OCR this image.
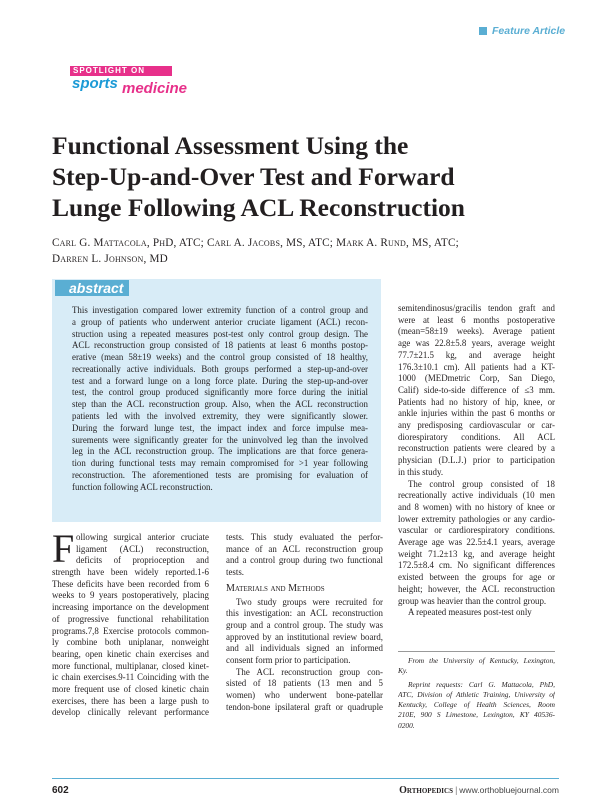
Feature Article
SPOTLIGHT ON
sports medicine
Functional Assessment Using the
Step-Up-and-Over Test and Forward
Lunge Following ACL Reconstruction
Carl G. Mattacola, PhD, ATC; Carl A. Jacobs, MS, ATC; Mark A. Rund, MS, ATC;
Darren L. Johnson, MD
abstract
This investigation compared lower extremity function of a control group and
a group of patients who underwent anterior cruciate ligament (ACL) recon-
struction using a repeated measures post-test only control group design. The
ACL reconstruction group consisted of 18 patients at least 6 months postop-
erative (mean 58±19 weeks) and the control group consisted of 18 healthy,
recreationally active individuals. Both groups performed a step-up-and-over
test and a forward lunge on a long force plate. During the step-up-and-over
test, the control group produced significantly more force during the initial
step than the ACL reconstruction group. Also, when the ACL reconstruction
patients led with the involved extremity, they were significantly slower.
During the forward lunge test, the impact index and force impulse mea-
surements were significantly greater for the uninvolved leg than the involved
leg in the ACL reconstruction group. The implications are that force genera-
tion during functional tests may remain compromised for >1 year following
reconstruction. The aforementioned tests are promising for evaluation of
function following ACL reconstruction.
F ollowing surgical anterior cruciate
ligament (ACL) reconstruction,
deficits of proprioception and
strength have been widely reported.1-6
These deficits have been recorded from 6
weeks to 9 years postoperatively, placing
increasing importance on the development
of progressive functional rehabilitation
programs.7,8 Exercise protocols common-
ly combine both uniplanar, nonweight
bearing, open kinetic chain exercises and
more functional, multiplanar, closed kinet-
ic chain exercises.9-11 Coinciding with the
more frequent use of closed kinetic chain
exercises, there has been a large push to
develop clinically relevant performance
tests. This study evaluated the perfor-
mance of an ACL reconstruction group
and a control group during two functional
tests.
Materials and Methods
Two study groups were recruited for
this investigation: an ACL reconstruction
group and a control group. The study was
approved by an institutional review board,
and all individuals signed an informed
consent form prior to participation.
The ACL reconstruction group con-
sisted of 18 patients (13 men and 5
women) who underwent bone-patellar
tendon-bone ipsilateral graft or quadruple
semitendinosus/gracilis tendon graft and
were at least 6 months postoperative
(mean=58±19 weeks). Average patient
age was 22.8±5.8 years, average weight
77.7±21.5 kg, and average height
176.3±10.1 cm). All patients had a KT-
1000 (MEDmetric Corp, San Diego,
Calif) side-to-side difference of ≤3 mm.
Patients had no history of hip, knee, or
ankle injuries within the past 6 months or
any predisposing cardiovascular or car-
diorespiratory conditions. All ACL
reconstruction patients were cleared by a
physician (D.L.J.) prior to participation
in this study.
The control group consisted of 18
recreationally active individuals (10 men
and 8 women) with no history of knee or
lower extremity pathologies or any cardio-
vascular or cardiorespiratory conditions.
Average age was 22.5±4.1 years, average
weight 71.2±13 kg, and average height
172.5±8.4 cm. No significant differences
existed between the groups for age or
height; however, the ACL reconstruction
group was heavier than the control group.
A repeated measures post-test only
From the University of Kentucky, Lexington,
Ky.
Reprint requests: Carl G. Mattacola, PhD,
ATC, Division of Athletic Training, University of
Kentucky, College of Health Sciences, Room
210E, 900 S Limestone, Lexington, KY 40536-
0200.
602	Orthopedics | www.orthobluejournal.com
